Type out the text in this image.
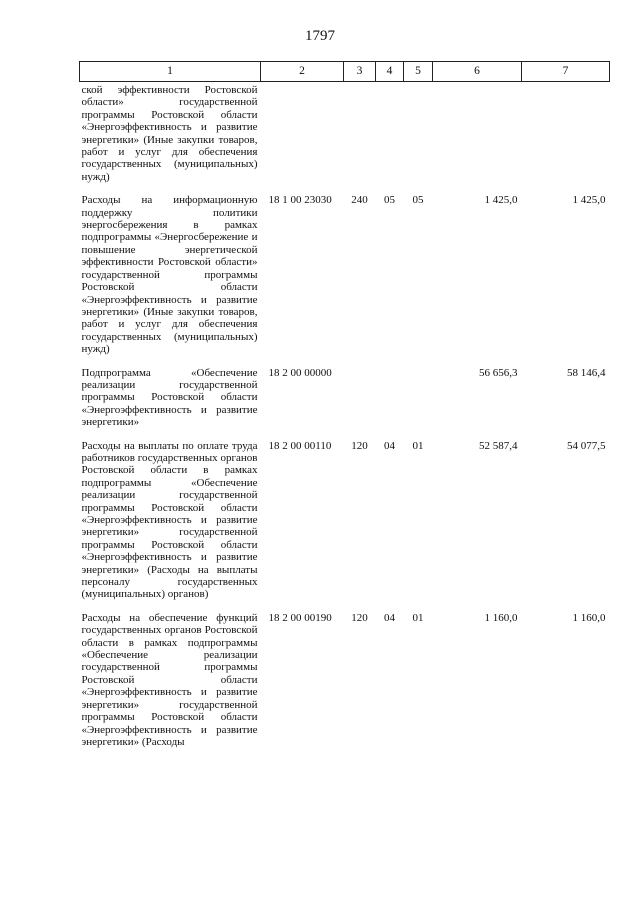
1797
1	2	3	4	5	6	7
ской эффективности Ростовской области» государственной программы Ростовской области «Энергоэффективность и развитие энергетики» (Иные закупки товаров, работ и услуг для обеспечения государственных (муниципальных) нужд)						
Расходы на информационную поддержку политики энергосбережения в рамках подпрограммы «Энергосбережение и повышение энергетической эффективности Ростовской области» государственной программы Ростовской области «Энергоэффективность и развитие энергетики» (Иные закупки товаров, работ и услуг для обеспечения государственных (муниципальных) нужд)	18 1 00 23030	240	05	05	1 425,0	1 425,0
Подпрограмма «Обеспечение реализации государственной программы Ростовской области «Энергоэффективность и развитие энергетики»	18 2 00 00000				56 656,3	58 146,4
Расходы на выплаты по оплате труда работников государственных органов Ростовской области в рамках подпрограммы «Обеспечение реализации государственной программы Ростовской области «Энергоэффективность и развитие энергетики» государственной программы Ростовской области «Энергоэффективность и развитие энергетики» (Расходы на выплаты персоналу государственных (муниципальных) органов)	18 2 00 00110	120	04	01	52 587,4	54 077,5
Расходы на обеспечение функций государственных органов Ростовской области в рамках подпрограммы «Обеспечение реализации государственной программы Ростовской области «Энергоэффективность и развитие энергетики» государственной программы Ростовской области «Энергоэффективность и развитие энергетики» (Расходы	18 2 00 00190	120	04	01	1 160,0	1 160,0
